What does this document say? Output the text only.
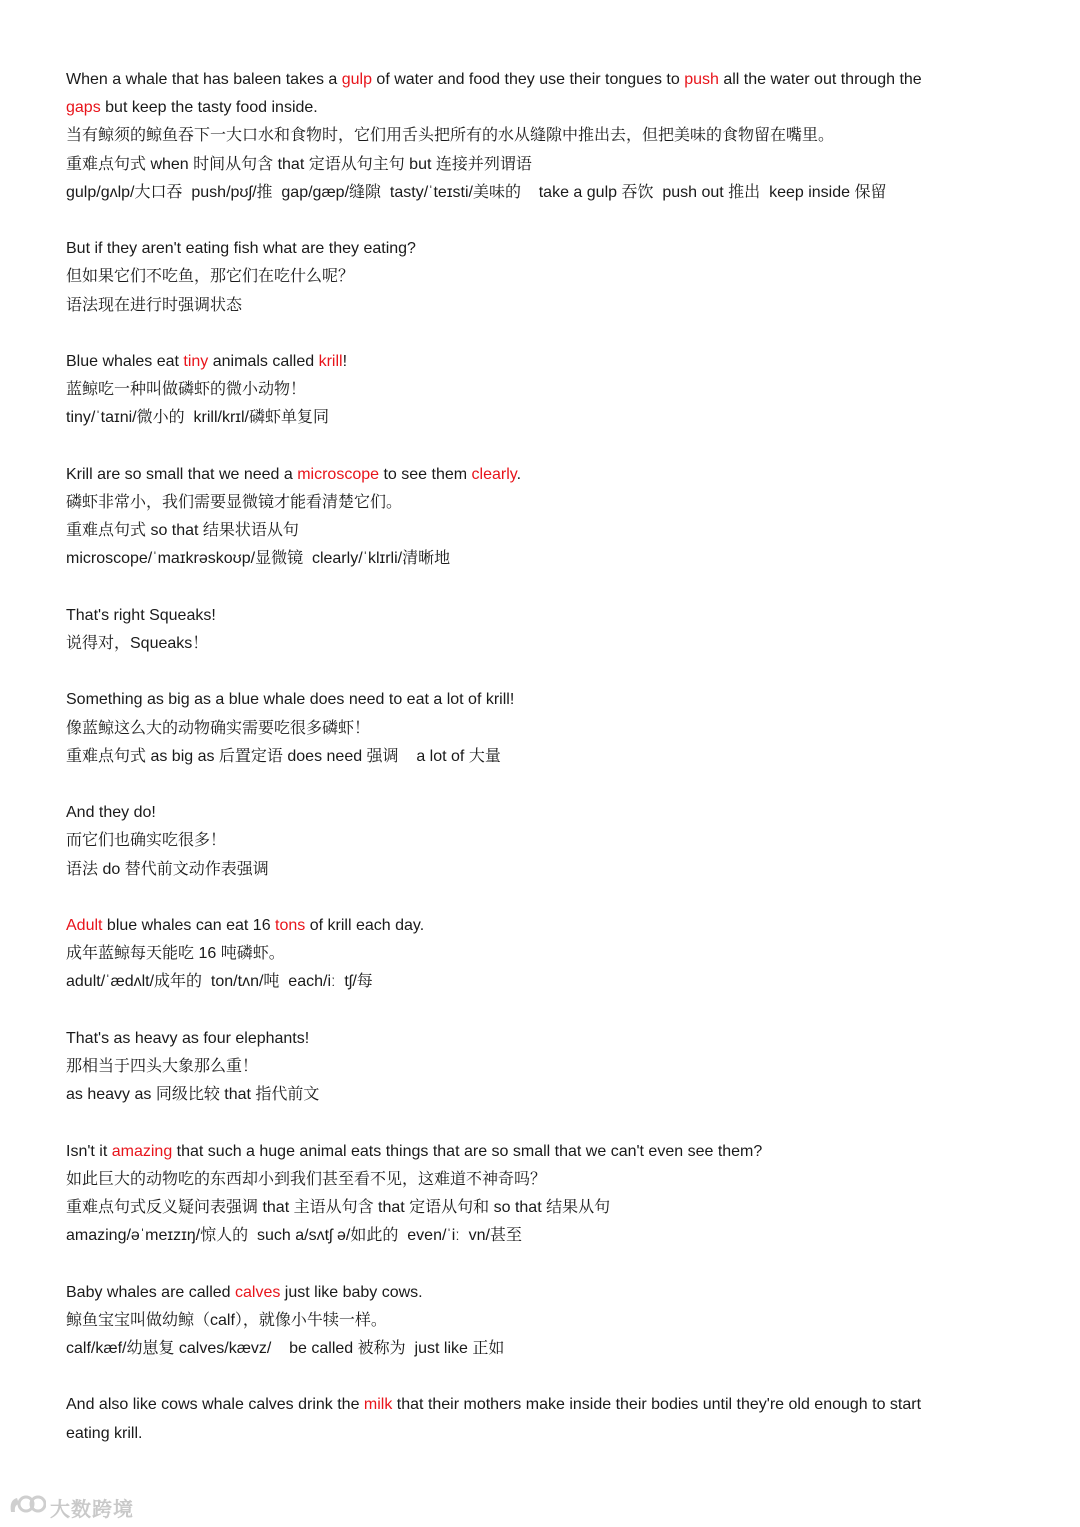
When a whale that has baleen takes a gulp of water and food they use their tongues to push all the water out through the
gaps but keep the tasty food inside.
当有鲸须的鲸鱼吞下一大口水和食物时，它们用舌头把所有的水从缝隙中推出去，但把美味的食物留在嘴里。
重难点句式 when 时间从句含 that 定语从句主句 but 连接并列谓语
gulp/ɡʌlp/大口吞  push/pʊʃ/推  gap/ɡæp/缝隙  tasty/ˈteɪsti/美味的    take a gulp 吞饮  push out 推出  keep inside 保留
But if they aren't eating fish what are they eating?
但如果它们不吃鱼，那它们在吃什么呢？
语法现在进行时强调状态
Blue whales eat tiny animals called krill!
蓝鲸吃一种叫做磷虾的微小动物！
tiny/ˈtaɪni/微小的  krill/krɪl/磷虾单复同
Krill are so small that we need a microscope to see them clearly.
磷虾非常小，我们需要显微镜才能看清楚它们。
重难点句式 so that 结果状语从句
microscope/ˈmaɪkrəskoʊp/显微镜  clearly/ˈklɪrli/清晰地
That's right Squeaks!
说得对，Squeaks！
Something as big as a blue whale does need to eat a lot of krill!
像蓝鲸这么大的动物确实需要吃很多磷虾！
重难点句式 as big as 后置定语 does need 强调    a lot of 大量
And they do!
而它们也确实吃很多！
语法 do 替代前文动作表强调
Adult blue whales can eat 16 tons of krill each day.
成年蓝鲸每天能吃 16 吨磷虾。
adult/ˈædʌlt/成年的  ton/tʌn/吨  each/iː  tʃ/每
That's as heavy as four elephants!
那相当于四头大象那么重！
as heavy as 同级比较 that 指代前文
Isn't it amazing that such a huge animal eats things that are so small that we can't even see them?
如此巨大的动物吃的东西却小到我们甚至看不见，这难道不神奇吗？
重难点句式反义疑问表强调 that 主语从句含 that 定语从句和 so that 结果从句
amazing/əˈmeɪzɪŋ/惊人的  such a/sʌtʃ ə/如此的  even/ˈiː  vn/甚至
Baby whales are called calves just like baby cows.
鲸鱼宝宝叫做幼鲸（calf），就像小牛犊一样。
calf/kæf/幼崽复 calves/kævz/    be called 被称为  just like 正如
And also like cows whale calves drink the milk that their mothers make inside their bodies until they're old enough to start
eating krill.
大数跨境
